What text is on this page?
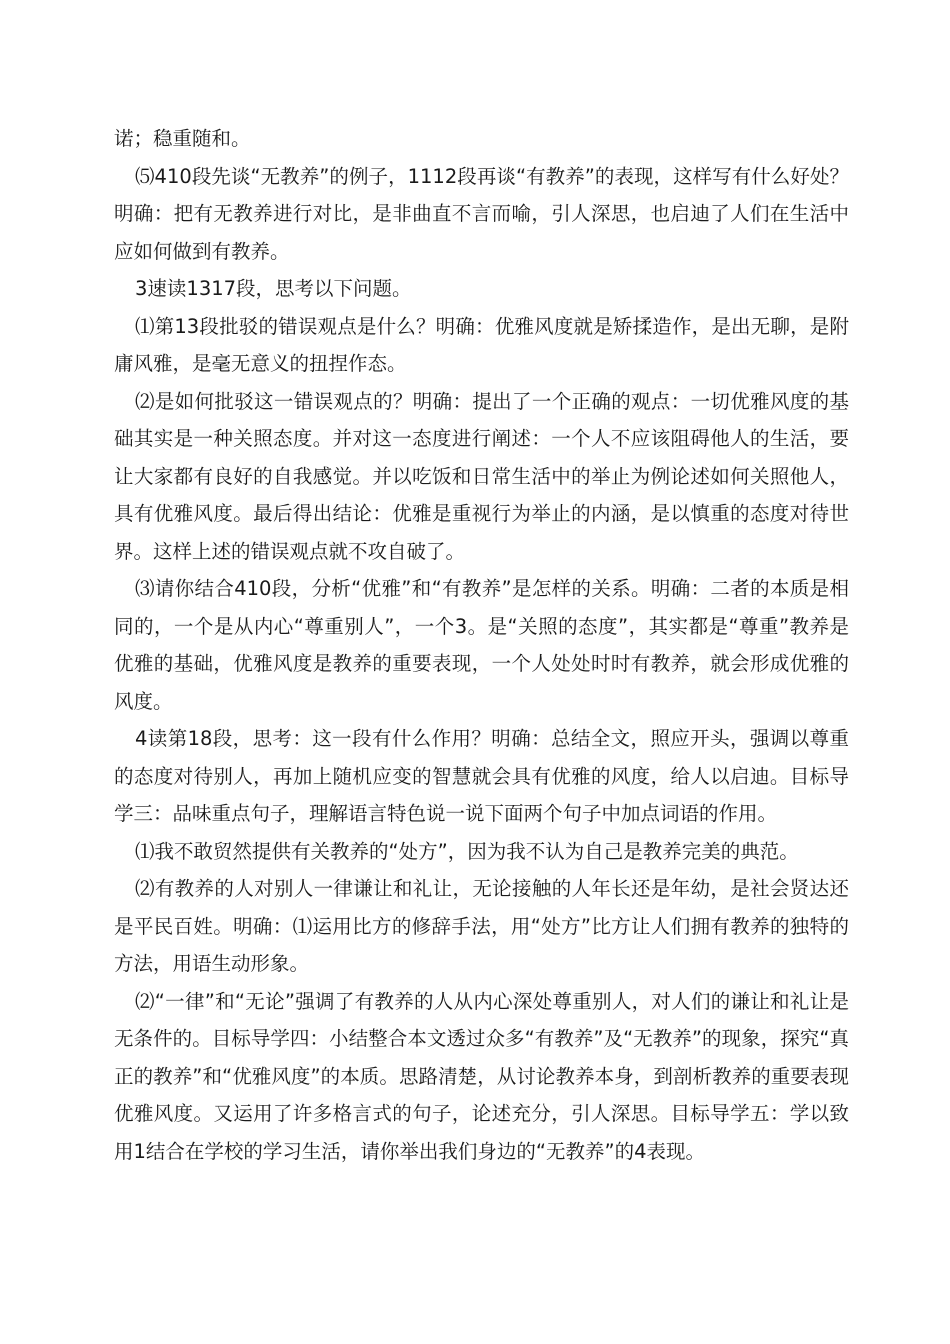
诺；稳重随和。

⑸410段先谈“无教养”的例子，1112段再谈“有教养”的表现，这样写有什么好处？明确：把有无教养进行对比，是非曲直不言而喻，引人深思，也启迪了人们在生活中应如何做到有教养。

3速读1317段，思考以下问题。

⑴第13段批驳的错误观点是什么？明确：优雅风度就是矫揉造作，是出无聊，是附庸风雅，是毫无意义的扭捏作态。

⑵是如何批驳这一错误观点的？明确：提出了一个正确的观点：一切优雅风度的基础其实是一种关照态度。并对这一态度进行阐述：一个人不应该阻碍他人的生活，要让大家都有良好的自我感觉。并以吃饭和日常生活中的举止为例论述如何关照他人，具有优雅风度。最后得出结论：优雅是重视行为举止的内涵，是以慎重的态度对待世界。这样上述的错误观点就不攻自破了。

⑶请你结合410段，分析“优雅”和“有教养”是怎样的关系。明确：二者的本质是相同的，一个是从内心“尊重别人”，一个3。是“关照的态度”，其实都是“尊重”教养是优雅的基础，优雅风度是教养的重要表现，一个人处处时时有教养，就会形成优雅的风度。

4读第18段，思考：这一段有什么作用？明确：总结全文，照应开头，强调以尊重的态度对待别人，再加上随机应变的智慧就会具有优雅的风度，给人以启迪。目标导学三：品味重点句子，理解语言特色说一说下面两个句子中加点词语的作用。

⑴我不敢贸然提供有关教养的“处方”，因为我不认为自己是教养完美的典范。

⑵有教养的人对别人一律谦让和礼让，无论接触的人年长还是年幼，是社会贤达还是平民百姓。明确：⑴运用比方的修辞手法，用“处方”比方让人们拥有教养的独特的方法，用语生动形象。

⑵“一律”和“无论”强调了有教养的人从内心深处尊重别人，对人们的谦让和礼让是无条件的。目标导学四：小结整合本文透过众多“有教养”及“无教养”的现象，探究“真正的教养”和“优雅风度”的本质。思路清楚，从讨论教养本身，到剖析教养的重要表现优雅风度。又运用了许多格言式的句子，论述充分，引人深思。目标导学五：学以致用1结合在学校的学习生活，请你举出我们身边的“无教养”的4表现。
